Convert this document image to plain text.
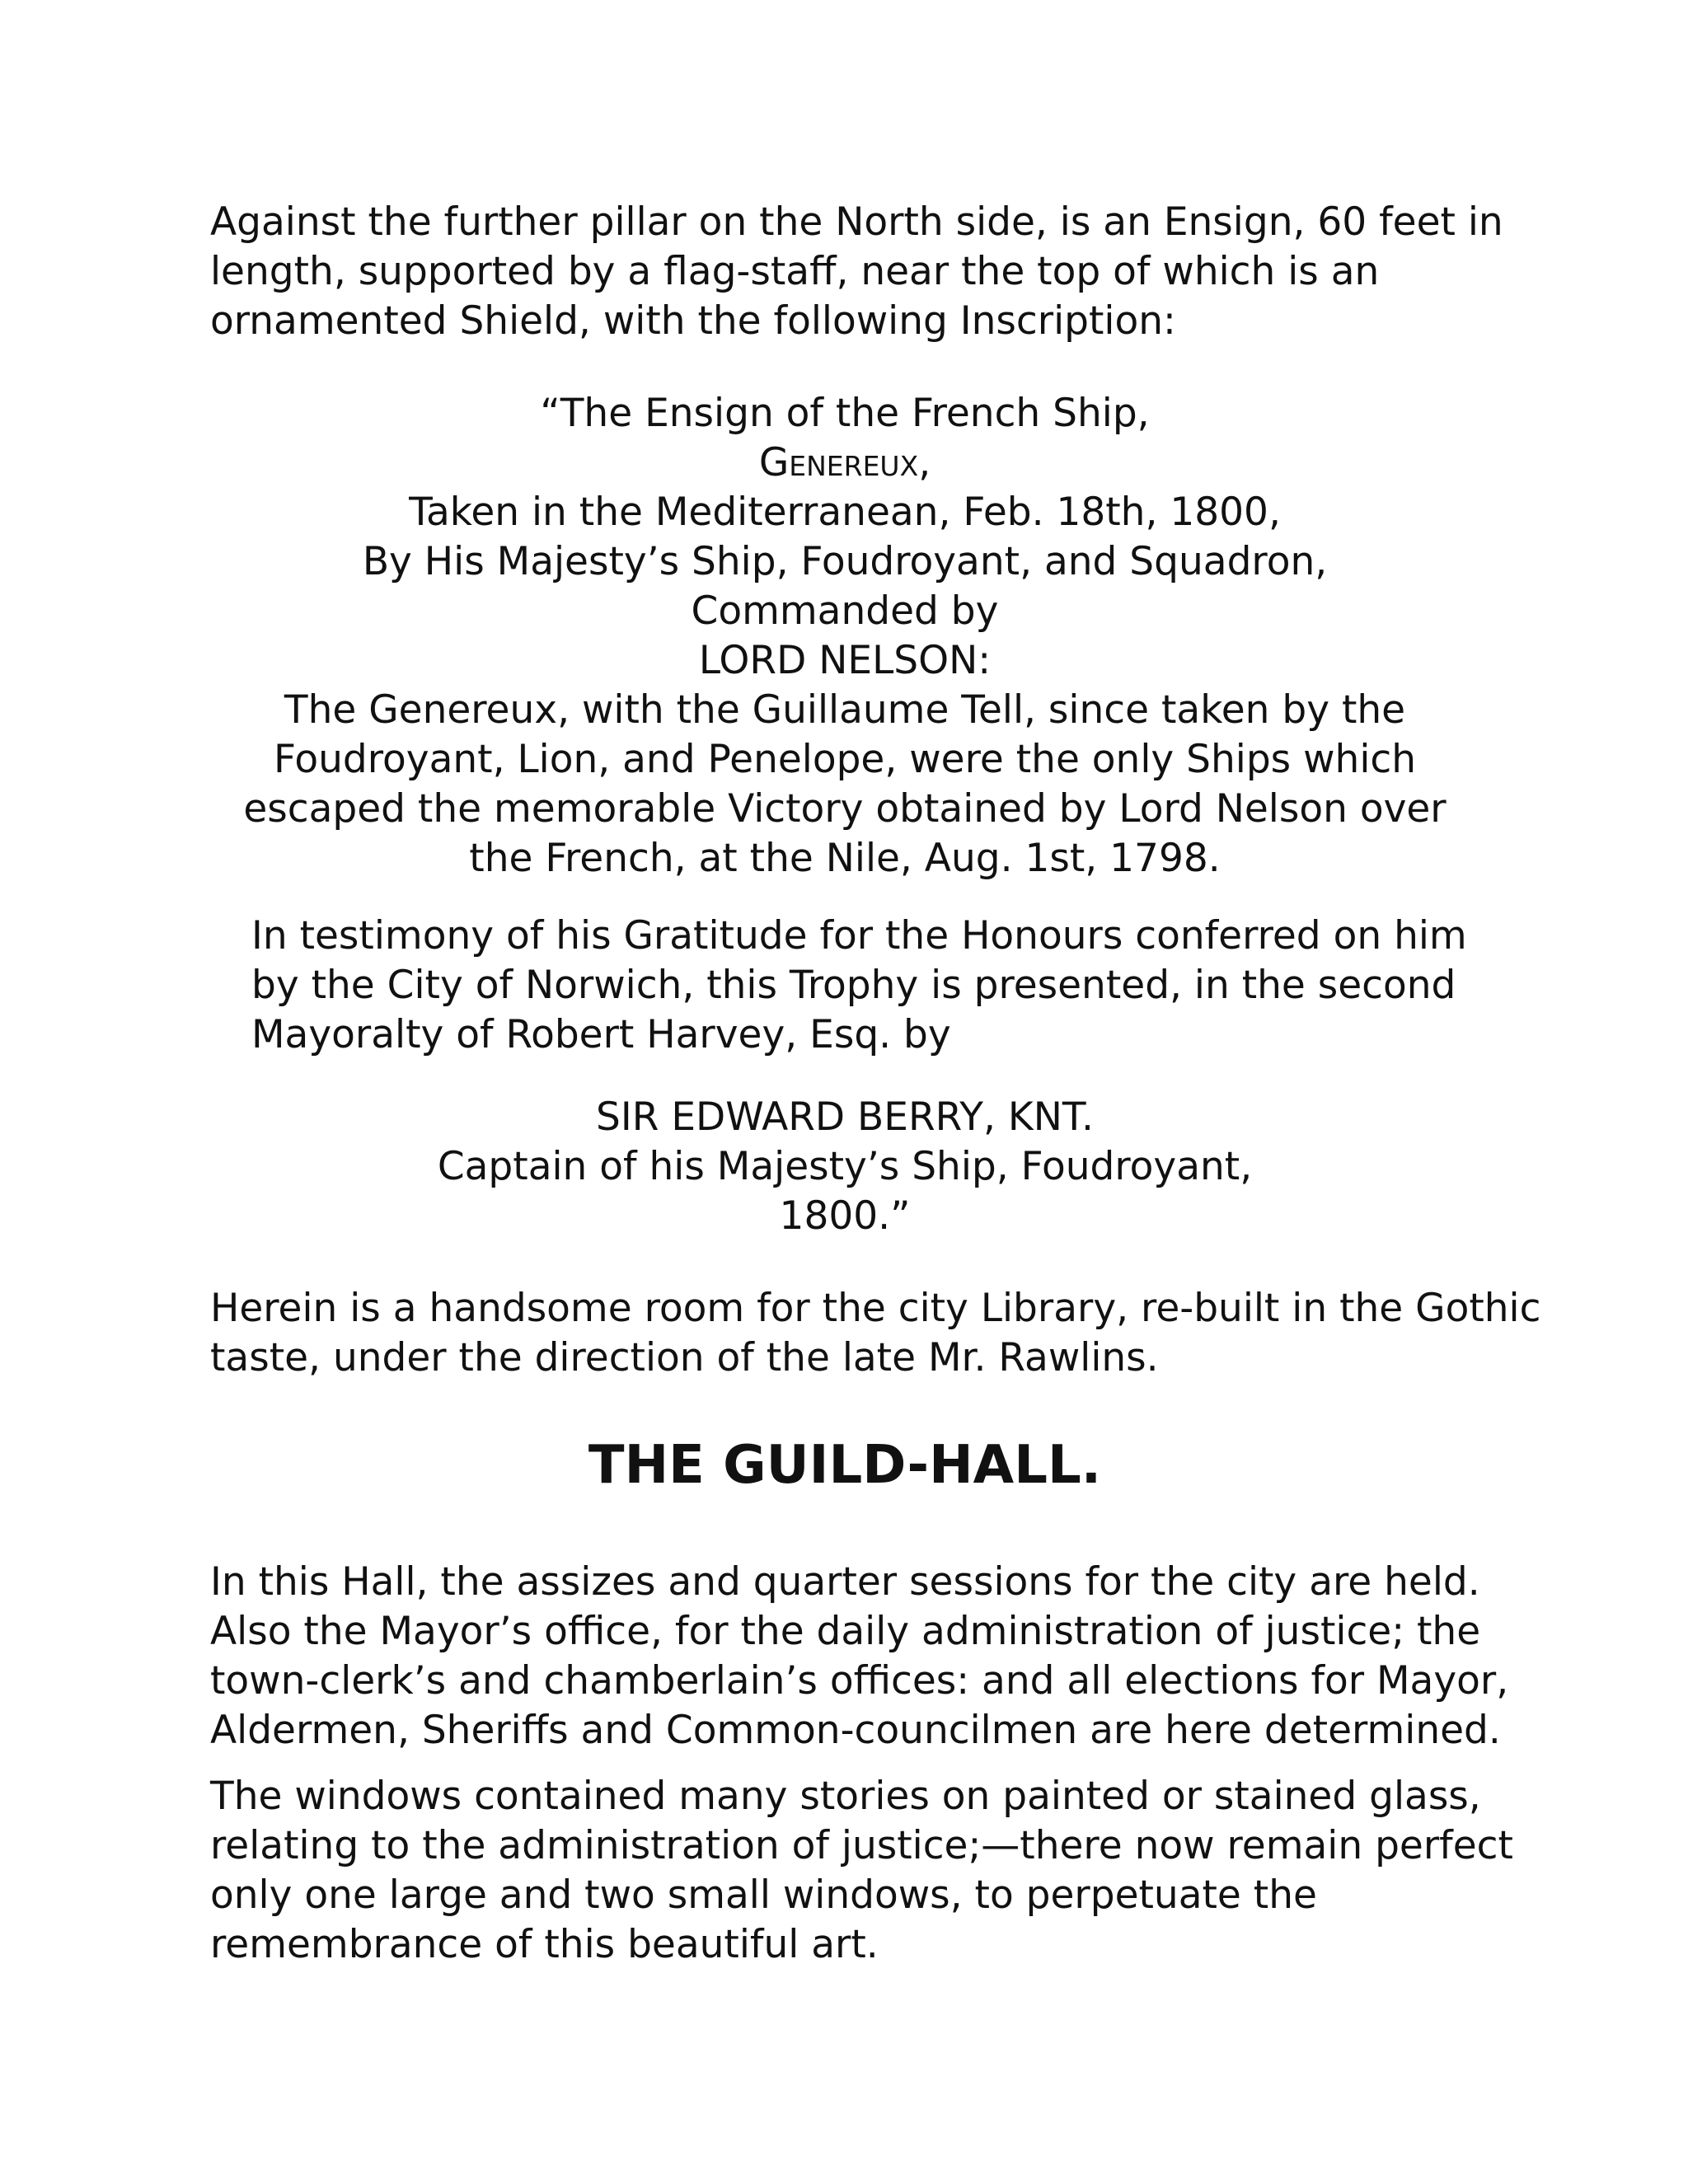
Against the further pillar on the North side, is an Ensign, 60 feet in
length, supported by a flag-staff, near the top of which is an
ornamented Shield, with the following Inscription:

“The Ensign of the French Ship,
Genereux,
Taken in the Mediterranean, Feb. 18th, 1800,
By His Majesty’s Ship, Foudroyant, and Squadron,
Commanded by
LORD NELSON:
The Genereux, with the Guillaume Tell, since taken by the
Foudroyant, Lion, and Penelope, were the only Ships which
escaped the memorable Victory obtained by Lord Nelson over
the French, at the Nile, Aug. 1st, 1798.

In testimony of his Gratitude for the Honours conferred on him
by the City of Norwich, this Trophy is presented, in the second
Mayoralty of Robert Harvey, Esq. by

SIR EDWARD BERRY, KNT.
Captain of his Majesty’s Ship, Foudroyant,
1800.”

Herein is a handsome room for the city Library, re-built in the Gothic
taste, under the direction of the late Mr. Rawlins.

THE GUILD-HALL.

In this Hall, the assizes and quarter sessions for the city are held.
Also the Mayor’s office, for the daily administration of justice; the
town-clerk’s and chamberlain’s offices: and all elections for Mayor,
Aldermen, Sheriffs and Common-councilmen are here determined.

The windows contained many stories on painted or stained glass,
relating to the administration of justice;—there now remain perfect
only one large and two small windows, to perpetuate the
remembrance of this beautiful art.
